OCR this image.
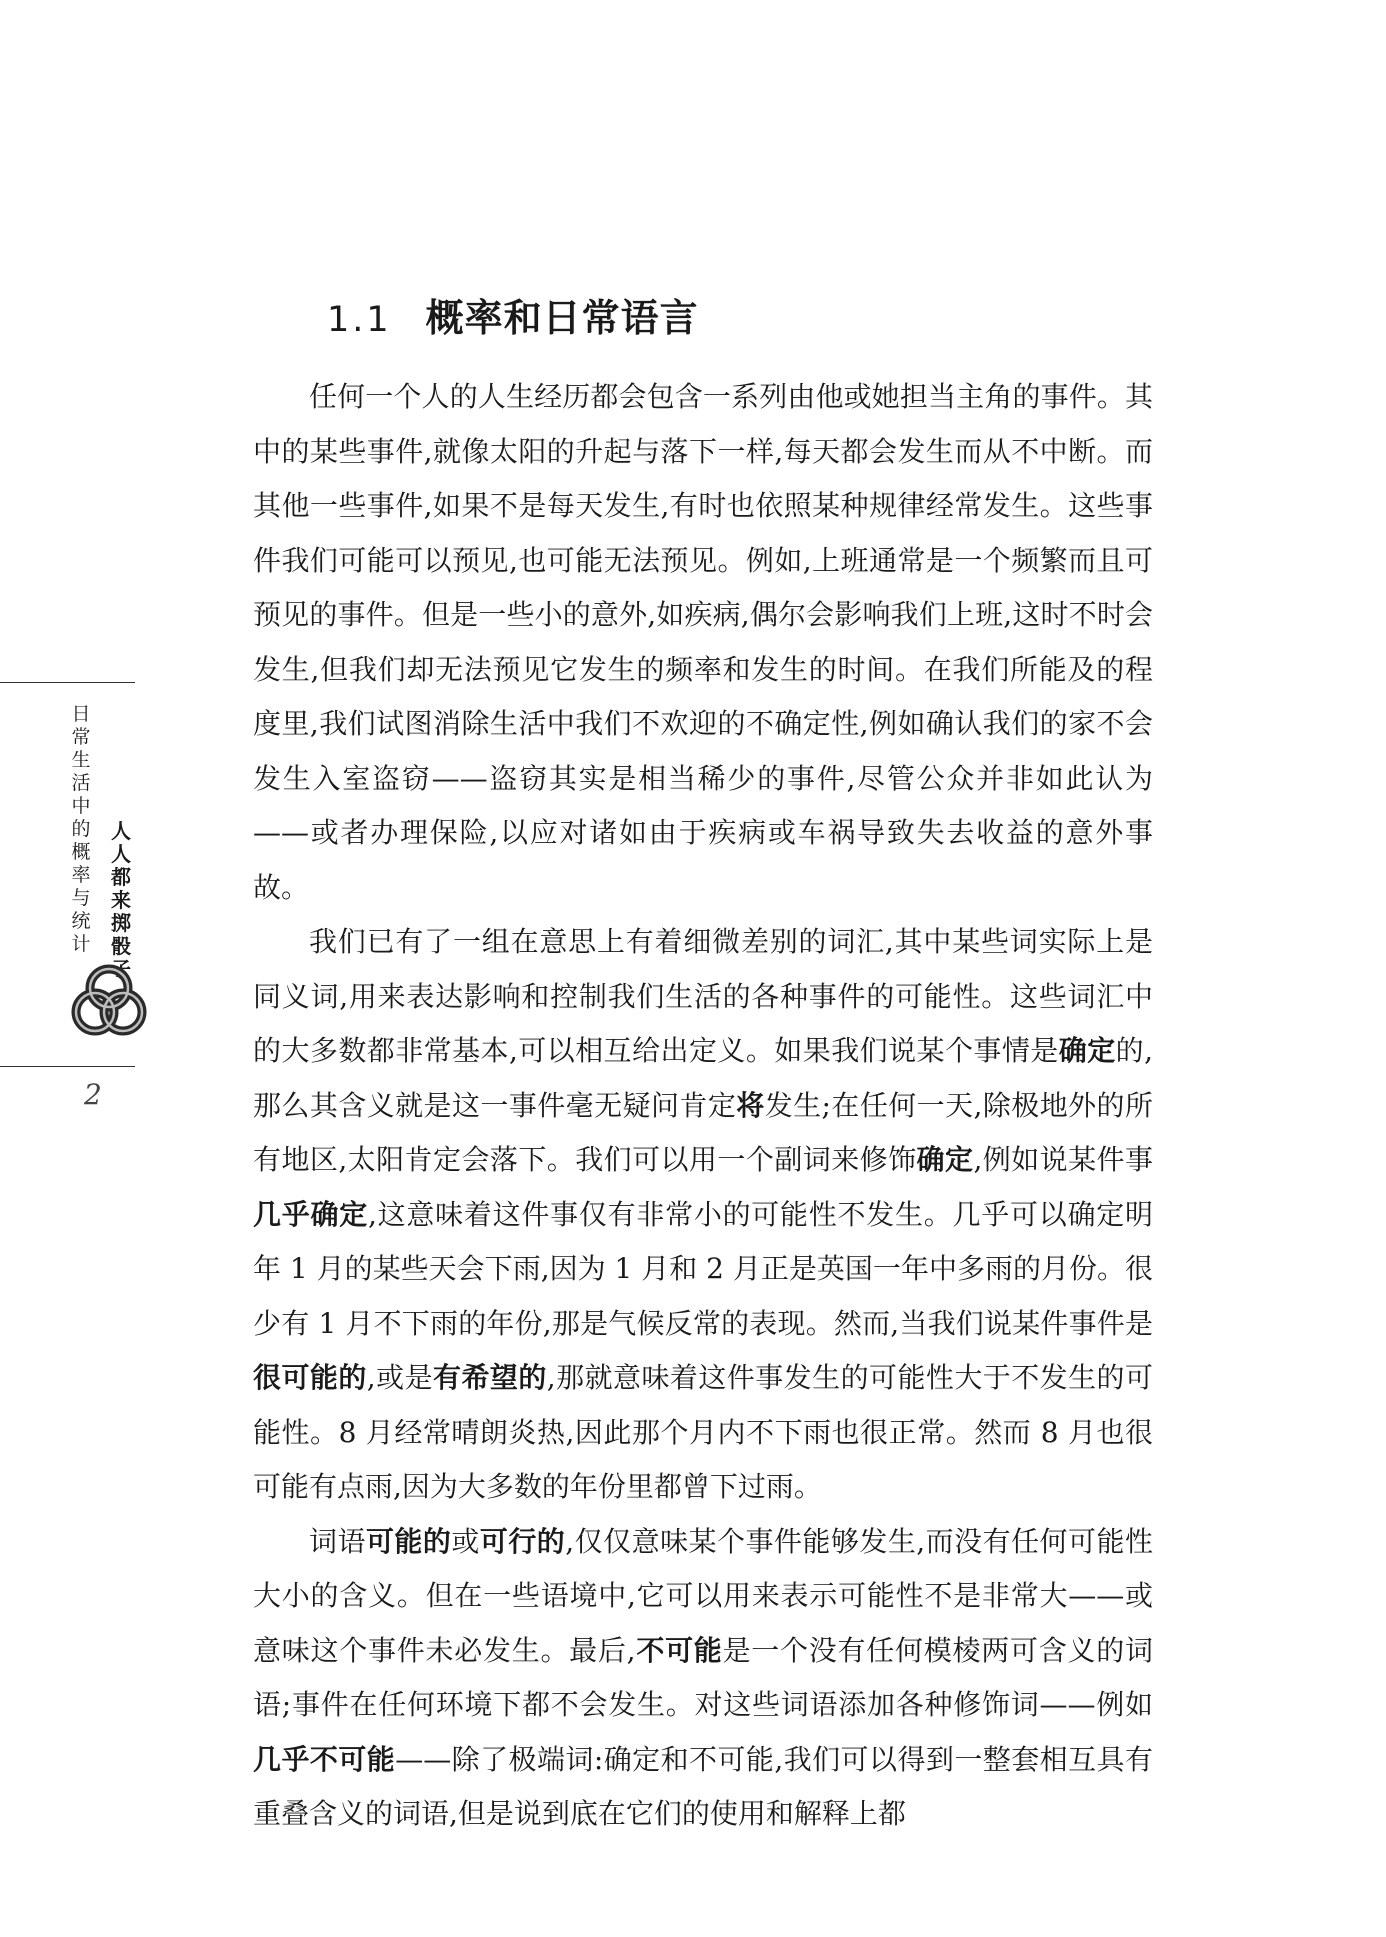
1.1 概率和日常语言

任何一个人的人生经历都会包含一系列由他或她担当主角的事件。其中的某些事件,就像太阳的升起与落下一样,每天都会发生而从不中断。而其他一些事件,如果不是每天发生,有时也依照某种规律经常发生。这些事件我们可能可以预见,也可能无法预见。例如,上班通常是一个频繁而且可预见的事件。但是一些小的意外,如疾病,偶尔会影响我们上班,这时不时会发生,但我们却无法预见它发生的频率和发生的时间。在我们所能及的程度里,我们试图消除生活中我们不欢迎的不确定性,例如确认我们的家不会发生入室盗窃——盗窃其实是相当稀少的事件,尽管公众并非如此认为——或者办理保险,以应对诸如由于疾病或车祸导致失去收益的意外事故。

我们已有了一组在意思上有着细微差别的词汇,其中某些词实际上是同义词,用来表达影响和控制我们生活的各种事件的可能性。这些词汇中的大多数都非常基本,可以相互给出定义。如果我们说某个事情是确定的,那么其含义就是这一事件毫无疑问肯定将发生;在任何一天,除极地外的所有地区,太阳肯定会落下。我们可以用一个副词来修饰确定,例如说某件事几乎确定,这意味着这件事仅有非常小的可能性不发生。几乎可以确定明年 1 月的某些天会下雨,因为 1 月和 2 月正是英国一年中多雨的月份。很少有 1 月不下雨的年份,那是气候反常的表现。然而,当我们说某件事件是很可能的,或是有希望的,那就意味着这件事发生的可能性大于不发生的可能性。8 月经常晴朗炎热,因此那个月内不下雨也很正常。然而 8 月也很可能有点雨,因为大多数的年份里都曾下过雨。

词语可能的或可行的,仅仅意味某个事件能够发生,而没有任何可能性大小的含义。但在一些语境中,它可以用来表示可能性不是非常大——或意味这个事件未必发生。最后,不可能是一个没有任何模棱两可含义的词语;事件在任何环境下都不会发生。对这些词语添加各种修饰词——例如几乎不可能——除了极端词:确定和不可能,我们可以得到一整套相互具有重叠含义的词语,但是说到底在它们的使用和解释上都

日
常
生
活
中
的
概
率
与
统
计
人
人
都
来
掷
骰
子
2
